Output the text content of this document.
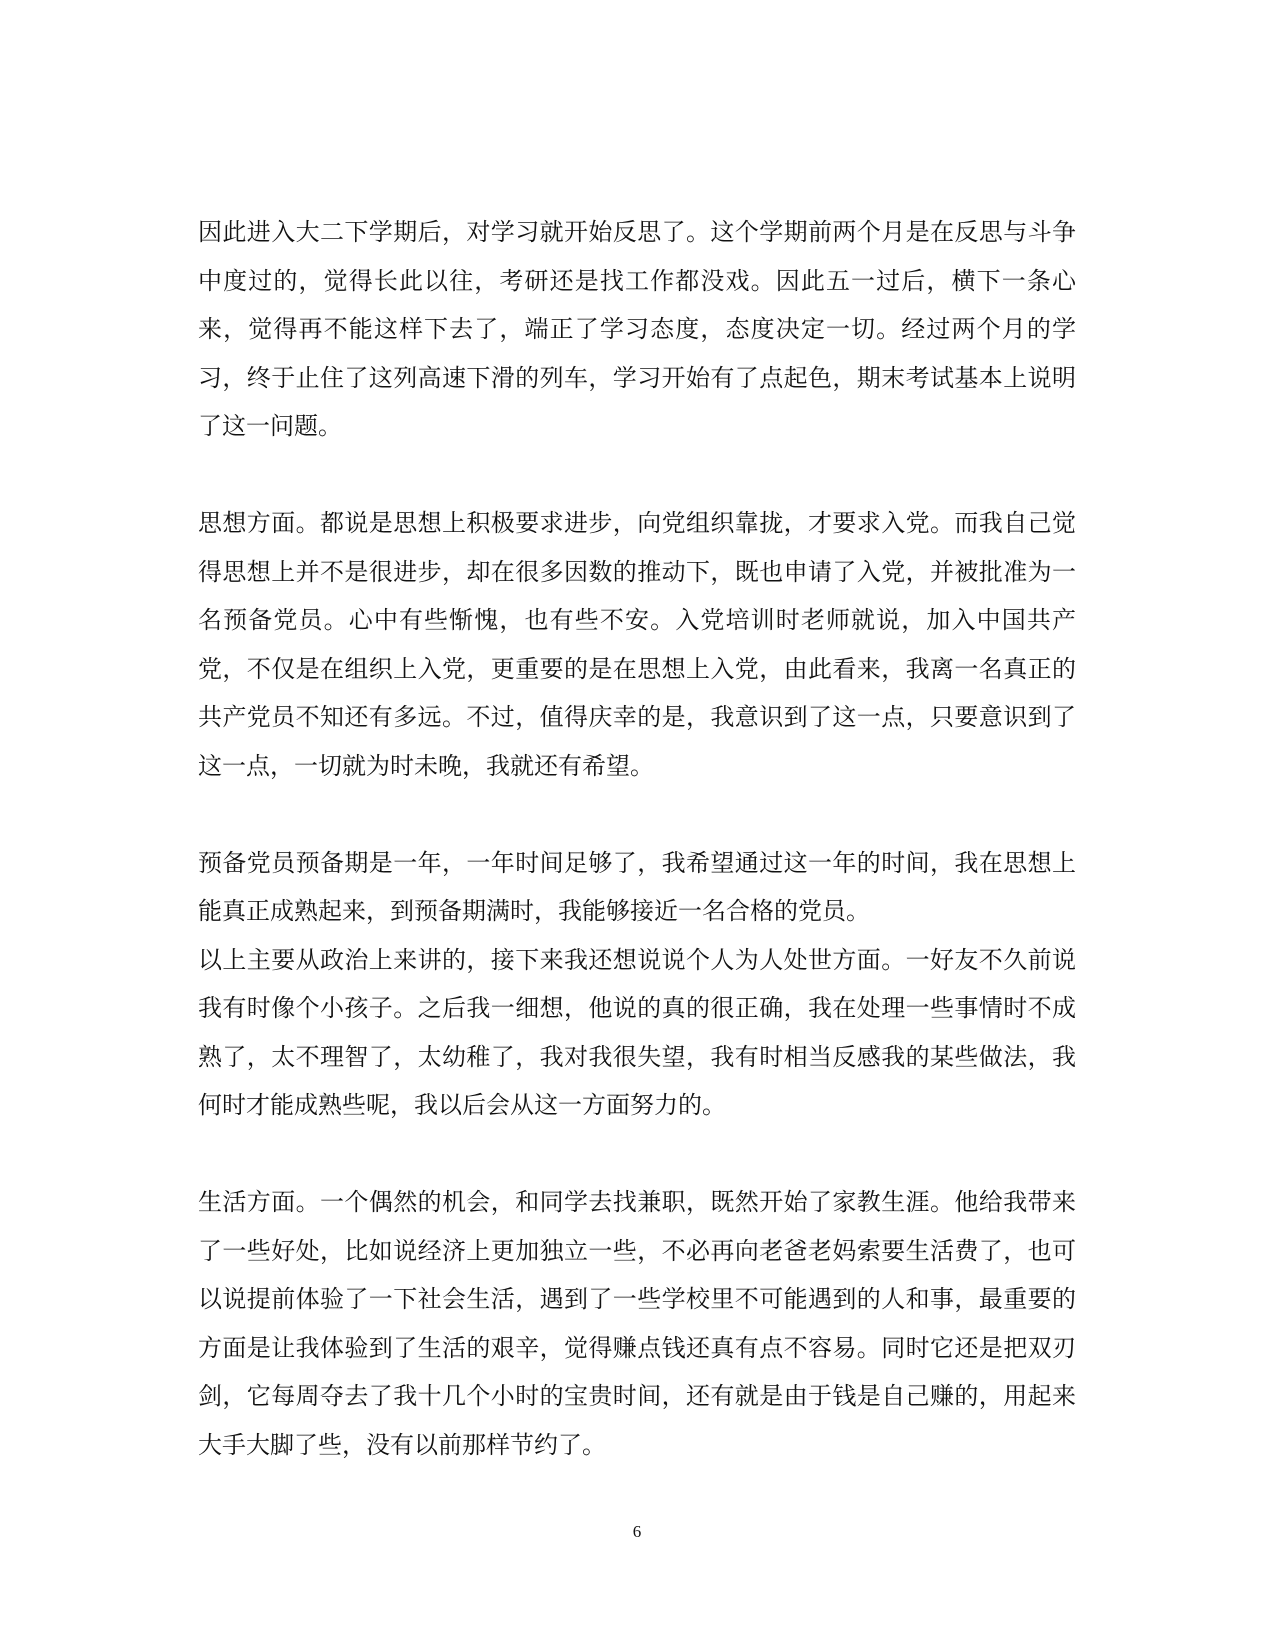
因此进入大二下学期后，对学习就开始反思了。这个学期前两个月是在反思与斗争中度过的，觉得长此以往，考研还是找工作都没戏。因此五一过后，横下一条心来，觉得再不能这样下去了，端正了学习态度，态度决定一切。经过两个月的学习，终于止住了这列高速下滑的列车，学习开始有了点起色，期末考试基本上说明了这一问题。

思想方面。都说是思想上积极要求进步，向党组织靠拢，才要求入党。而我自己觉得思想上并不是很进步，却在很多因数的推动下，既也申请了入党，并被批准为一名预备党员。心中有些惭愧，也有些不安。入党培训时老师就说，加入中国共产党，不仅是在组织上入党，更重要的是在思想上入党，由此看来，我离一名真正的共产党员不知还有多远。不过，值得庆幸的是，我意识到了这一点，只要意识到了这一点，一切就为时未晚，我就还有希望。

预备党员预备期是一年，一年时间足够了，我希望通过这一年的时间，我在思想上能真正成熟起来，到预备期满时，我能够接近一名合格的党员。

以上主要从政治上来讲的，接下来我还想说说个人为人处世方面。一好友不久前说我有时像个小孩子。之后我一细想，他说的真的很正确，我在处理一些事情时不成熟了，太不理智了，太幼稚了，我对我很失望，我有时相当反感我的某些做法，我何时才能成熟些呢，我以后会从这一方面努力的。

生活方面。一个偶然的机会，和同学去找兼职，既然开始了家教生涯。他给我带来了一些好处，比如说经济上更加独立一些，不必再向老爸老妈索要生活费了，也可以说提前体验了一下社会生活，遇到了一些学校里不可能遇到的人和事，最重要的方面是让我体验到了生活的艰辛，觉得赚点钱还真有点不容易。同时它还是把双刃剑，它每周夺去了我十几个小时的宝贵时间，还有就是由于钱是自己赚的，用起来大手大脚了些，没有以前那样节约了。

6
